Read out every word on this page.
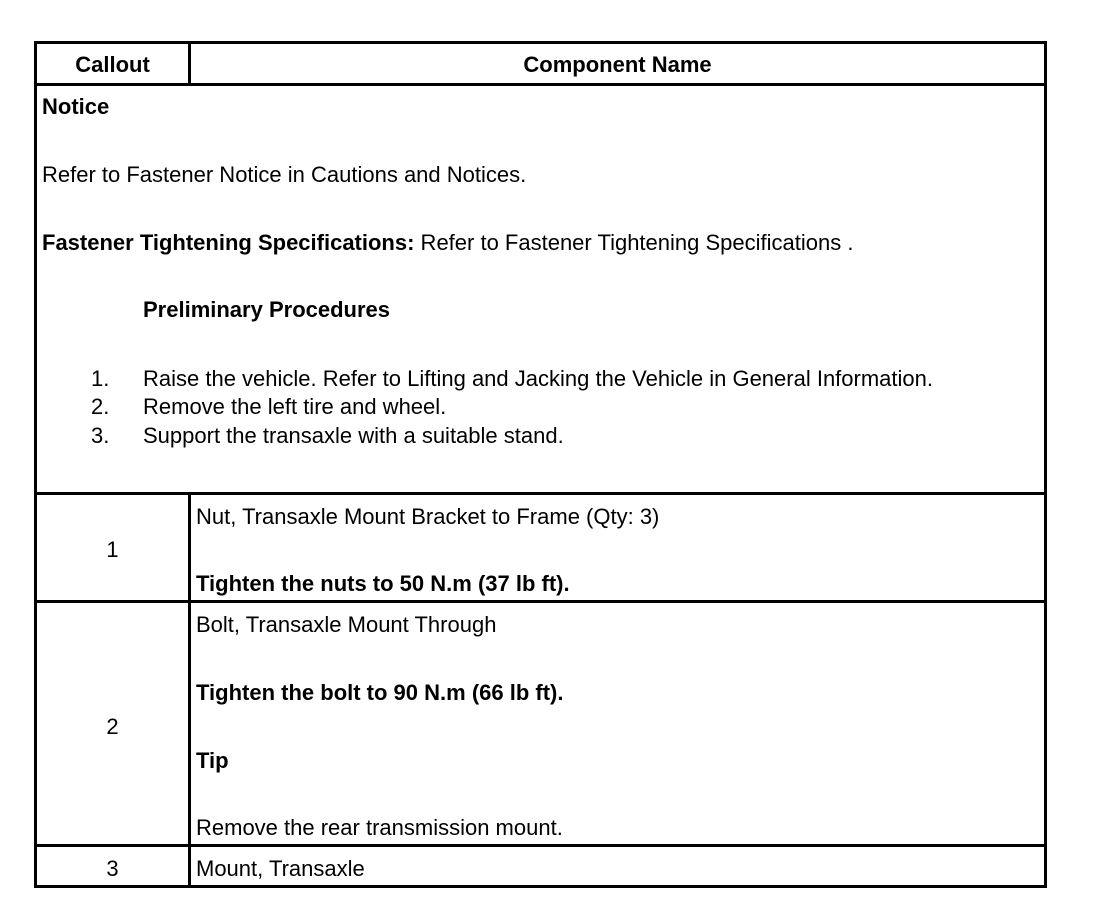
Callout	Component Name
Notice
Refer to Fastener Notice in Cautions and Notices.
Fastener Tightening Specifications: Refer to Fastener Tightening Specifications .
Preliminary Procedures
1. Raise the vehicle. Refer to Lifting and Jacking the Vehicle in General Information.
2. Remove the left tire and wheel.
3. Support the transaxle with a suitable stand.
1
Nut, Transaxle Mount Bracket to Frame (Qty: 3)
Tighten the nuts to 50 N.m (37 lb ft).
2
Bolt, Transaxle Mount Through
Tighten the bolt to 90 N.m (66 lb ft).
Tip
Remove the rear transmission mount.
3	Mount, Transaxle
